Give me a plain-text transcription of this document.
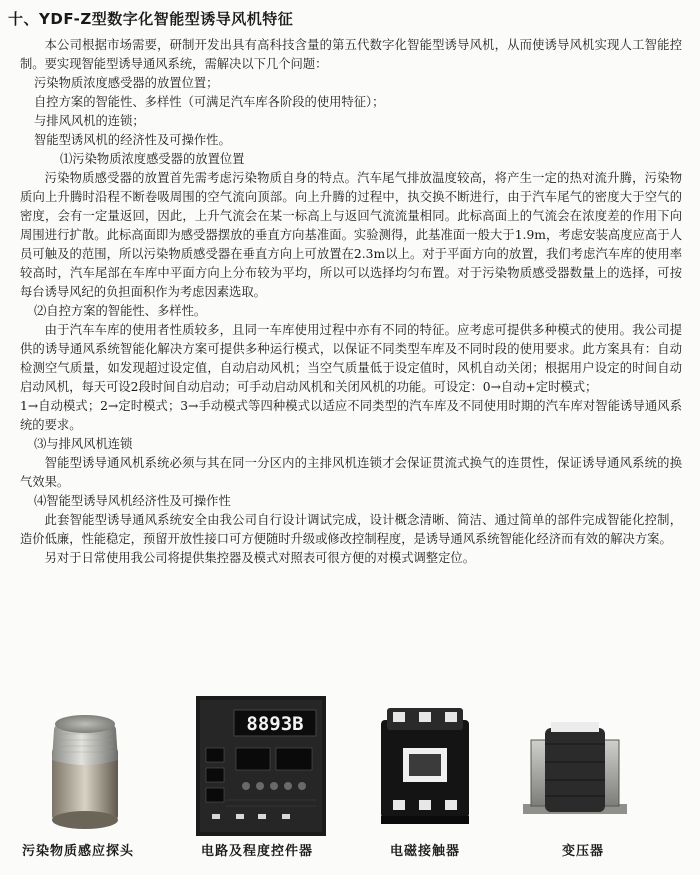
十、YDF-Z型数字化智能型诱导风机特征

本公司根据市场需要，研制开发出具有高科技含量的第五代数字化智能型诱导风机，从而使诱导风机实现人工智能控制。要实现智能型诱导通风系统，需解决以下几个问题：

污染物质浓度感受器的放置位置；

自控方案的智能性、多样性（可满足汽车库各阶段的使用特征）；

与排风风机的连锁；

智能型诱风机的经济性及可操作性。

⑴污染物质浓度感受器的放置位置

污染物质感受器的放置首先需考虑污染物质自身的特点。汽车尾气排放温度较高，将产生一定的热对流升腾，污染物质向上升腾时沿程不断卷吸周围的空气流向顶部。向上升腾的过程中，执交换不断进行，由于汽车尾气的密度大于空气的密度，会有一定量返回，因此，上升气流会在某一标高上与返回气流流量相同。此标高面上的气流会在浓度差的作用下向周围进行扩散。此标高面即为感受器摆放的垂直方向基准面。实验测得，此基准面一般大于1.9m，考虑安装高度应高于人员可触及的范围，所以污染物质感受器在垂直方向上可放置在2.3m以上。对于平面方向的放置，我们考虑汽车库的使用率较高时，汽车尾部在车库中平面方向上分布较为平均，所以可以选择均匀布置。对于污染物质感受器数量上的选择，可按每台诱导风纪的负担面积作为考虑因素选取。

⑵自控方案的智能性、多样性。

由于汽车车库的使用者性质较多，且同一车库使用过程中亦有不同的特征。应考虑可提供多种模式的使用。我公司提供的诱导通风系统智能化解决方案可提供多种运行模式，以保证不同类型车库及不同时段的使用要求。此方案具有：自动检测空气质量，如发现超过设定值，自动启动风机；当空气质量低于设定值时，风机自动关闭；根据用户设定的时间自动启动风机，每天可设2段时间自动启动；可手动启动风机和关闭风机的功能。可设定：0→自动+定时模式；

1→自动模式；2→定时模式；3→手动模式等四种模式以适应不同类型的汽车库及不同使用时期的汽车库对智能诱导通风系统的要求。

⑶与排风风机连锁

智能型诱导通风机系统必须与其在同一分区内的主排风机连锁才会保证贯流式换气的连贯性，保证诱导通风系统的换气效果。

⑷智能型诱导风机经济性及可操作性

此套智能型诱导通风系统安全由我公司自行设计调试完成，设计概念清晰、简洁、通过简单的部件完成智能化控制，造价低廉，性能稳定，预留开放性接口可方便随时升级或修改控制程度，是诱导通风系统智能化经济而有效的解决方案。

另对于日常使用我公司将提供集控器及模式对照表可很方便的对模式调整定位。

污染物质感应探头
8893B
电路及程度控件器	电磁接触器	变压器
